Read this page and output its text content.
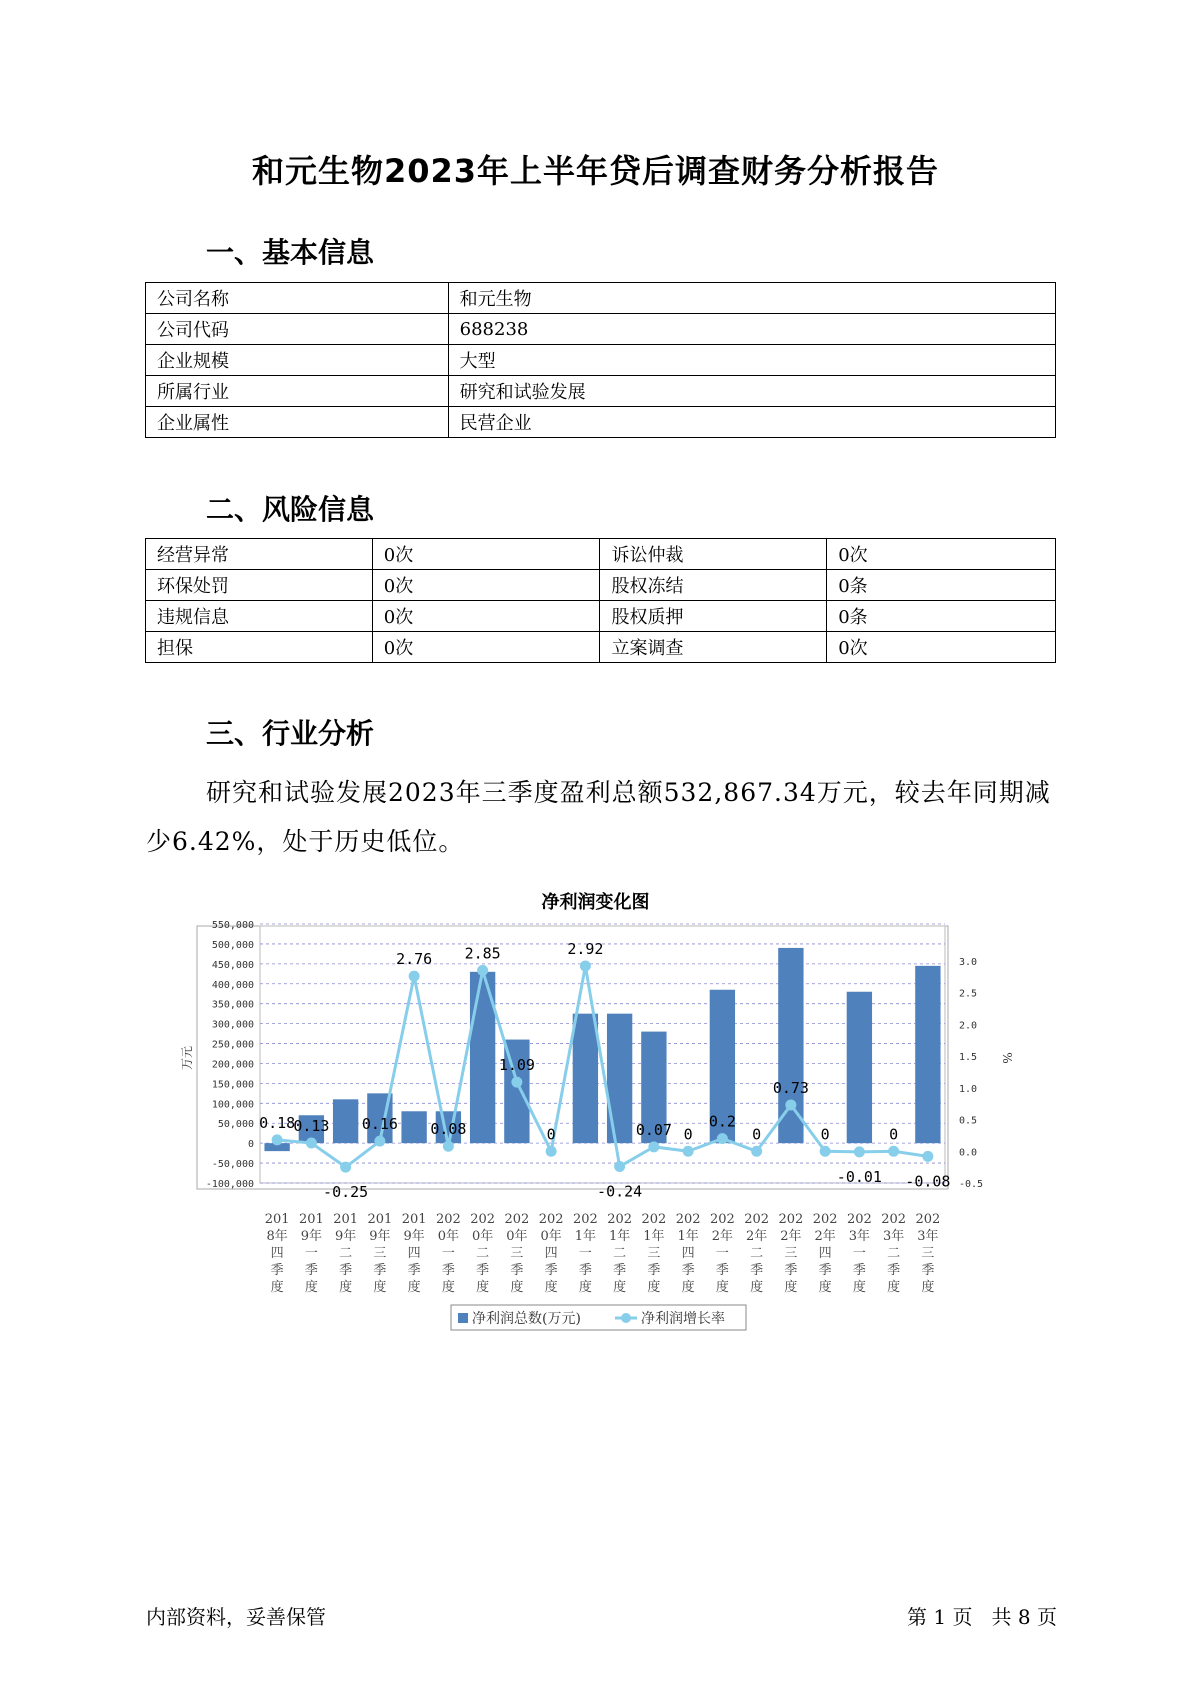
和元生物2023年上半年贷后调查财务分析报告
一、基本信息
公司名称	和元生物
公司代码	688238
企业规模	大型
所属行业	研究和试验发展
企业属性	民营企业
二、风险信息
经营异常	0次	诉讼仲裁	0次
环保处罚	0次	股权冻结	0条
违规信息	0次	股权质押	0条
担保	0次	立案调查	0次
三、行业分析
研究和试验发展2023年三季度盈利总额532,867.34万元，较去年同期减少6.42%，处于历史低位。
净利润变化图
550,000
500,000
450,000
400,000
350,000
300,000
250,000
200,000
150,000
100,000
50,000
0
-50,000
-100,000
3.0
2.5
2.0
1.5
1.0
0.5
0.0
-0.5
万元	%
0.18
0.13
-0.25
0.16
2.76
0.08
2.85
1.09
0
2.92
-0.24
0.07 0
0.2
0
0.73
0
-0.01
0
-0.08
201
8年
四
季
度
201
9年
一
季
度
201
9年
二
季
度
201
9年
三
季
度
201
9年
四
季
度
202
0年
一
季
度
202
0年
二
季
度
202
0年
三
季
度
202
0年
四
季
度
202
1年
一
季
度
202
1年
二
季
度
202
1年
三
季
度
202
1年
四
季
度
202
2年
一
季
度
202
2年
二
季
度
202
2年
三
季
度
202
2年
四
季
度
202
3年
一
季
度
202
3年
二
季
度
202
3年
三
季
度
净利润总数(万元)	净利润增长率
内部资料，妥善保管	第 1 页   共 8 页
